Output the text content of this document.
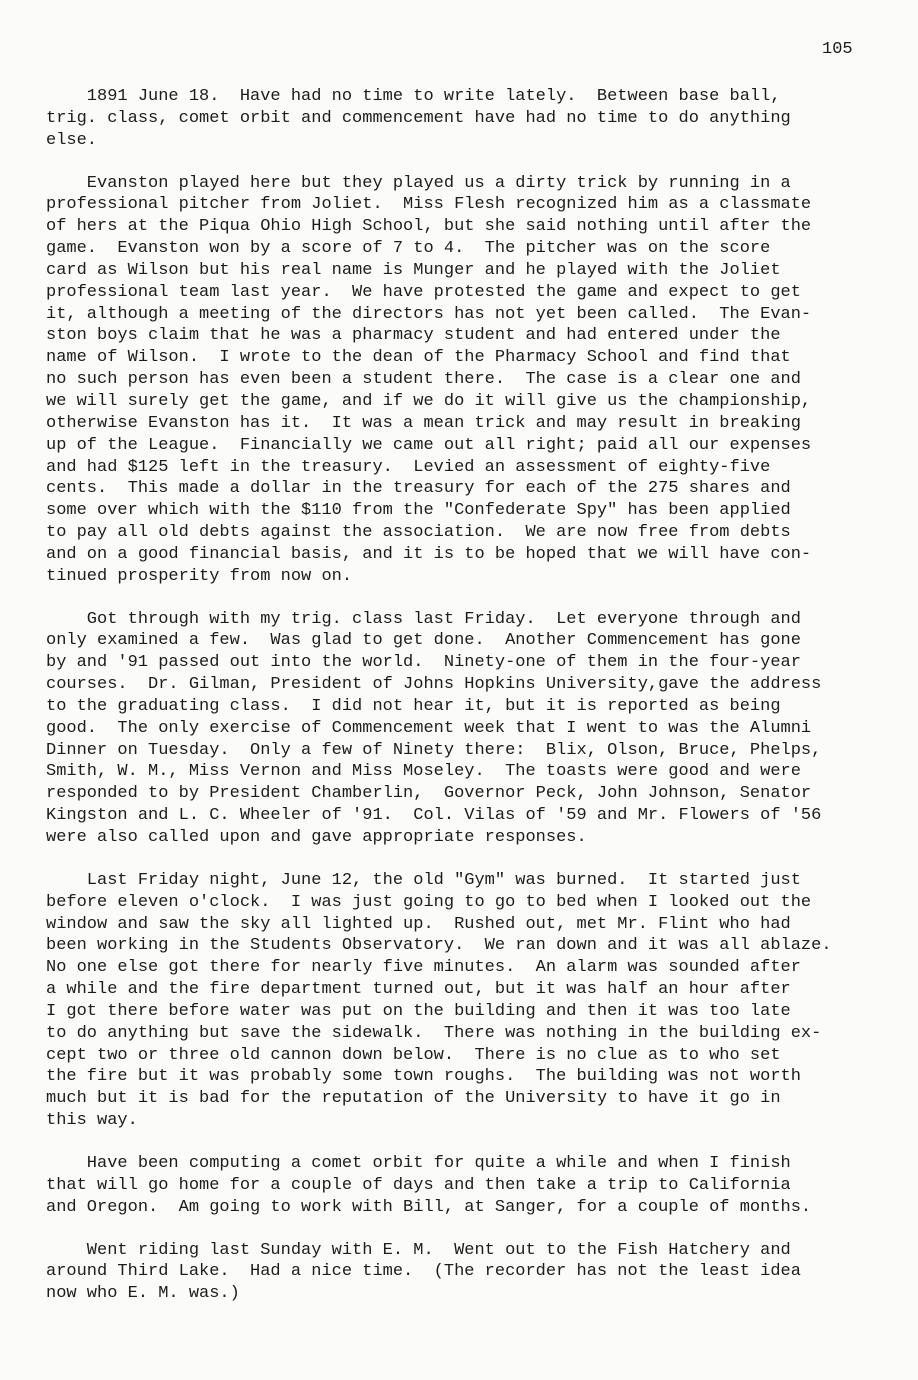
105
1891 June 18.  Have had no time to write lately.  Between base ball,
trig. class, comet orbit and commencement have had no time to do anything
else.
Evanston played here but they played us a dirty trick by running in a
professional pitcher from Joliet.  Miss Flesh recognized him as a classmate
of hers at the Piqua Ohio High School, but she said nothing until after the
game.  Evanston won by a score of 7 to 4.  The pitcher was on the score
card as Wilson but his real name is Munger and he played with the Joliet
professional team last year.  We have protested the game and expect to get
it, although a meeting of the directors has not yet been called.  The Evan-
ston boys claim that he was a pharmacy student and had entered under the
name of Wilson.  I wrote to the dean of the Pharmacy School and find that
no such person has even been a student there.  The case is a clear one and
we will surely get the game, and if we do it will give us the championship,
otherwise Evanston has it.  It was a mean trick and may result in breaking
up of the League.  Financially we came out all right; paid all our expenses
and had $125 left in the treasury.  Levied an assessment of eighty-five
cents.  This made a dollar in the treasury for each of the 275 shares and
some over which with the $110 from the "Confederate Spy" has been applied
to pay all old debts against the association.  We are now free from debts
and on a good financial basis, and it is to be hoped that we will have con-
tinued prosperity from now on.
Got through with my trig. class last Friday.  Let everyone through and
only examined a few.  Was glad to get done.  Another Commencement has gone
by and '91 passed out into the world.  Ninety-one of them in the four-year
courses.  Dr. Gilman, President of Johns Hopkins University,gave the address
to the graduating class.  I did not hear it, but it is reported as being
good.  The only exercise of Commencement week that I went to was the Alumni
Dinner on Tuesday.  Only a few of Ninety there:  Blix, Olson, Bruce, Phelps,
Smith, W. M., Miss Vernon and Miss Moseley.  The toasts were good and were
responded to by President Chamberlin,  Governor Peck, John Johnson, Senator
Kingston and L. C. Wheeler of '91.  Col. Vilas of '59 and Mr. Flowers of '56
were also called upon and gave appropriate responses.
Last Friday night, June 12, the old "Gym" was burned.  It started just
before eleven o'clock.  I was just going to go to bed when I looked out the
window and saw the sky all lighted up.  Rushed out, met Mr. Flint who had
been working in the Students Observatory.  We ran down and it was all ablaze.
No one else got there for nearly five minutes.  An alarm was sounded after
a while and the fire department turned out, but it was half an hour after
I got there before water was put on the building and then it was too late
to do anything but save the sidewalk.  There was nothing in the building ex-
cept two or three old cannon down below.  There is no clue as to who set
the fire but it was probably some town roughs.  The building was not worth
much but it is bad for the reputation of the University to have it go in
this way.
Have been computing a comet orbit for quite a while and when I finish
that will go home for a couple of days and then take a trip to California
and Oregon.  Am going to work with Bill, at Sanger, for a couple of months.
Went riding last Sunday with E. M.  Went out to the Fish Hatchery and
around Third Lake.  Had a nice time.  (The recorder has not the least idea
now who E. M. was.)
